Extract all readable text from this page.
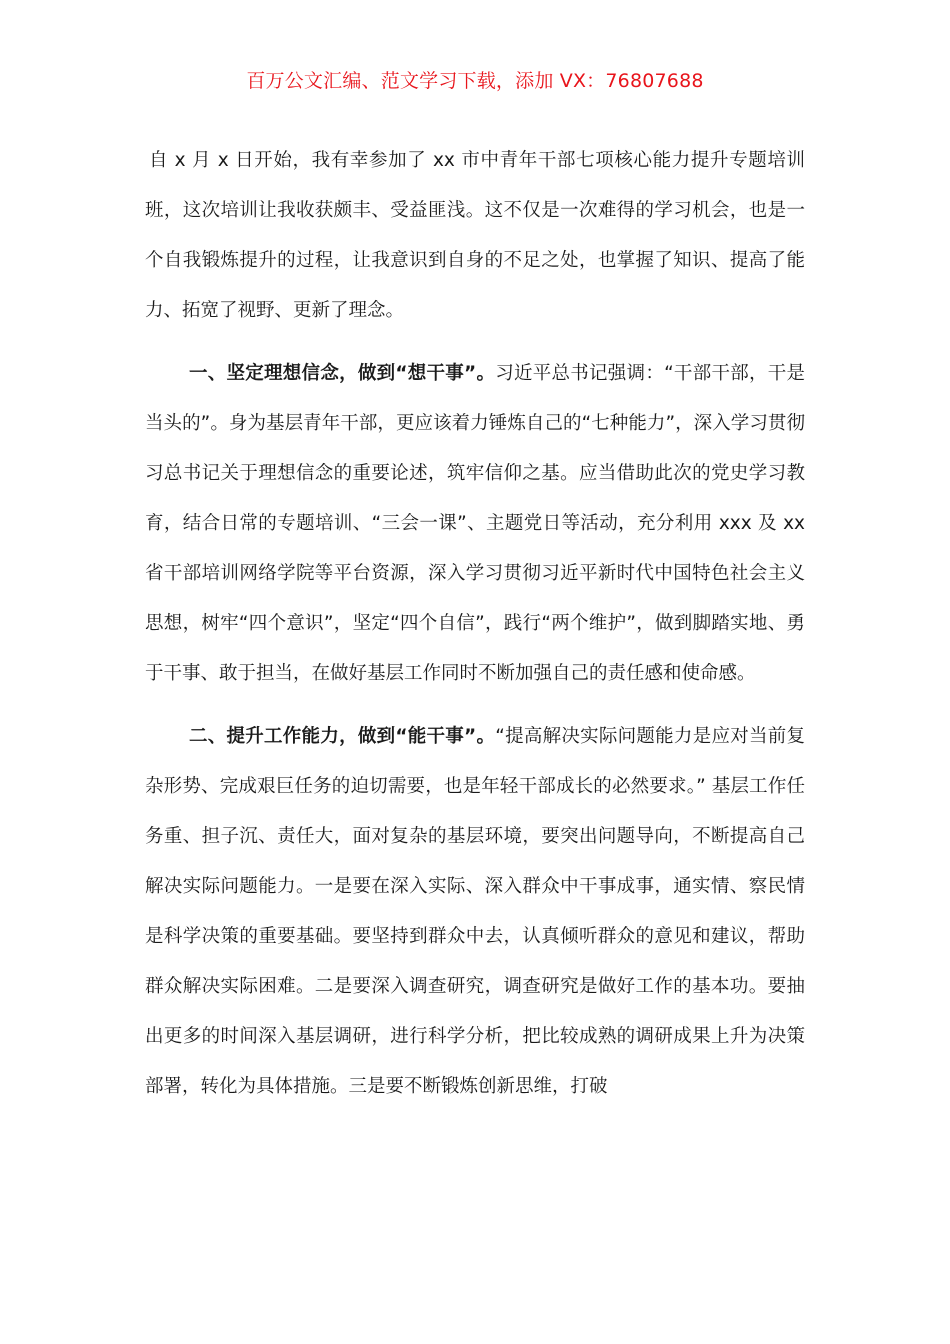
百万公文汇编、范文学习下载，添加 VX：76807688

自 x 月 x 日开始，我有幸参加了 xx 市中青年干部七项核心能力提升专题培训班，这次培训让我收获颇丰、受益匪浅。这不仅是一次难得的学习机会，也是一个自我锻炼提升的过程，让我意识到自身的不足之处，也掌握了知识、提高了能力、拓宽了视野、更新了理念。

一、坚定理想信念，做到“想干事”。习近平总书记强调：“干部干部，干是当头的”。身为基层青年干部，更应该着力锤炼自己的“七种能力”，深入学习贯彻习总书记关于理想信念的重要论述，筑牢信仰之基。应当借助此次的党史学习教育，结合日常的专题培训、“三会一课”、主题党日等活动，充分利用 xxx 及 xx 省干部培训网络学院等平台资源，深入学习贯彻习近平新时代中国特色社会主义思想，树牢“四个意识”，坚定“四个自信”，践行“两个维护”，做到脚踏实地、勇于干事、敢于担当，在做好基层工作同时不断加强自己的责任感和使命感。

二、提升工作能力，做到“能干事”。“提高解决实际问题能力是应对当前复杂形势、完成艰巨任务的迫切需要，也是年轻干部成长的必然要求。” 基层工作任务重、担子沉、责任大，面对复杂的基层环境，要突出问题导向，不断提高自己解决实际问题能力。一是要在深入实际、深入群众中干事成事，通实情、察民情是科学决策的重要基础。要坚持到群众中去，认真倾听群众的意见和建议，帮助群众解决实际困难。二是要深入调查研究，调查研究是做好工作的基本功。要抽出更多的时间深入基层调研，进行科学分析，把比较成熟的调研成果上升为决策部署，转化为具体措施。三是要不断锻炼创新思维，打破
